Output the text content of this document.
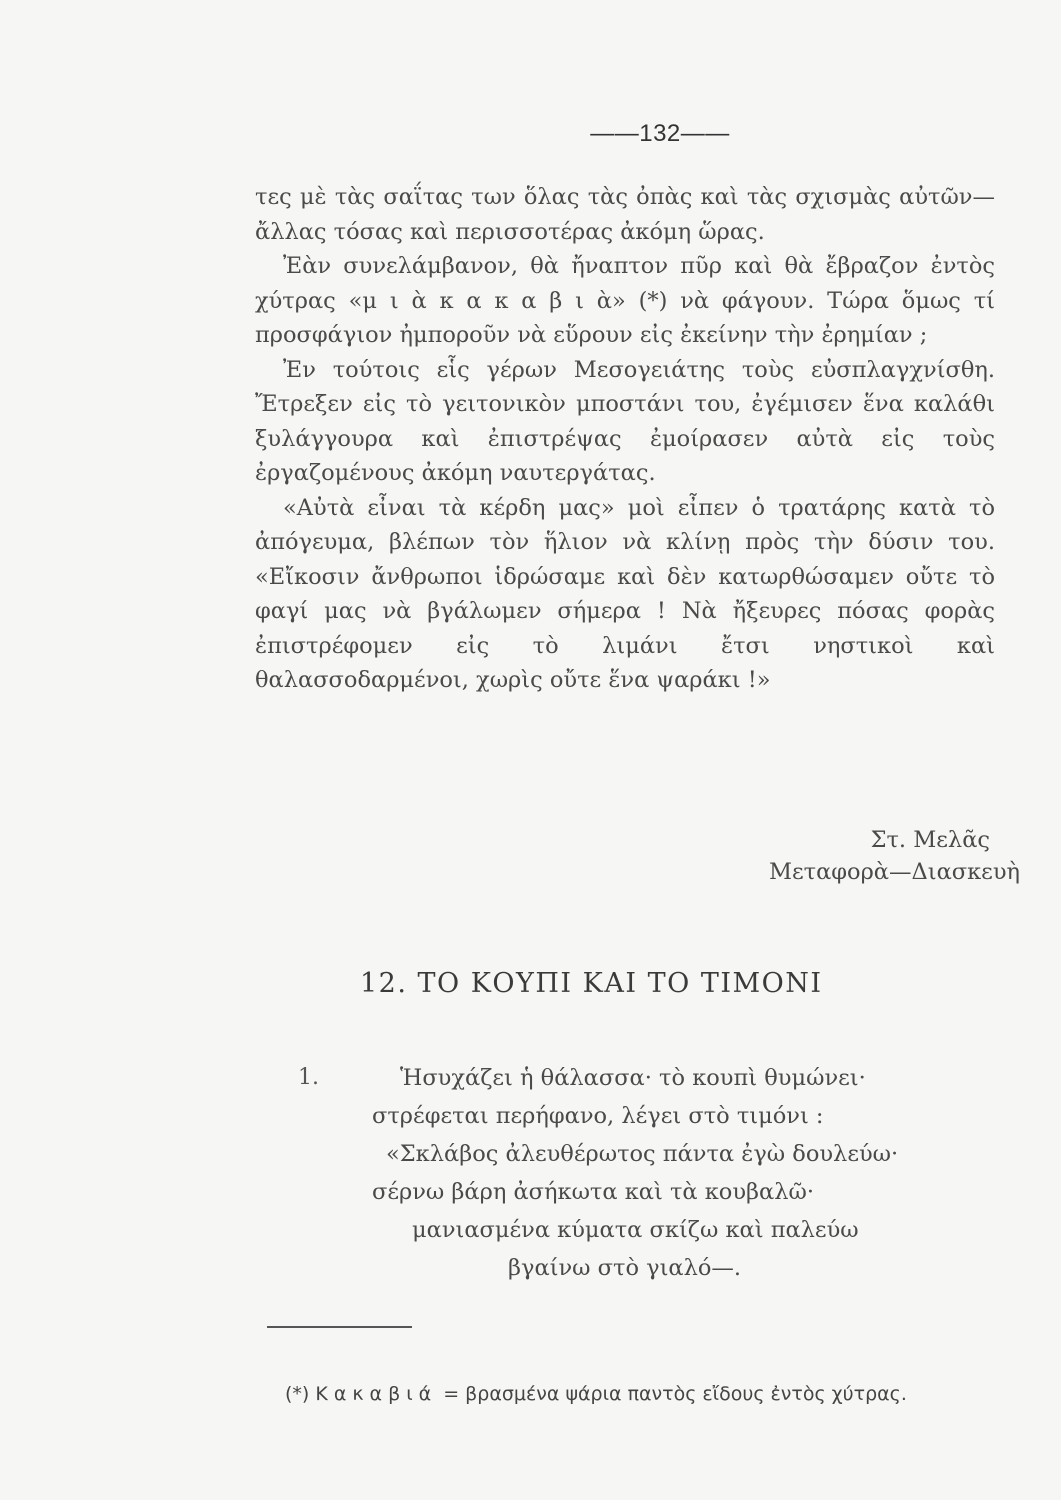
——132——

τες μὲ τὰς σαΐτας των ὅλας τὰς ὀπὰς καὶ τὰς σχισμὰς αὐτῶν—ἄλλας τόσας καὶ περισσοτέρας ἀκόμη ὥρας.

Ἐὰν συνελάμβανον, θὰ ἤναπτον πῦρ καὶ θὰ ἔβραζον ἐντὸς χύτρας «μ ι ὰ κ α κ α β ι ὰ» (*) νὰ φάγουν. Τώρα ὅμως τί προσφάγιον ἠμποροῦν νὰ εὕρουν εἰς ἐκείνην τὴν ἐρημίαν ;

Ἐν τούτοις εἷς γέρων Μεσογειάτης τοὺς εὐσπλαγχνίσθη. Ἔτρεξεν εἰς τὸ γειτονικὸν μποστάνι του, ἐγέμισεν ἕνα καλάθι ξυλάγγουρα καὶ ἐπιστρέψας ἐμοίρασεν αὐτὰ εἰς τοὺς ἐργαζομένους ἀκόμη ναυτεργάτας.

«Αὐτὰ εἶναι τὰ κέρδη μας» μοὶ εἶπεν ὁ τρατάρης κατὰ τὸ ἀπόγευμα, βλέπων τὸν ἥλιον νὰ κλίνῃ πρὸς τὴν δύσιν του. «Εἴκοσιν ἄνθρωποι ἱδρώσαμε καὶ δὲν κατωρθώσαμεν οὔτε τὸ φαγί μας νὰ βγάλωμεν σήμερα ! Νὰ ἤξευρες πόσας φορὰς ἐπιστρέφομεν εἰς τὸ λιμάνι ἔτσι νηστικοὶ καὶ θαλασσοδαρμένοι, χωρὶς οὔτε ἕνα ψαράκι !»

Στ. Μελᾶς
Μεταφορὰ—Διασκευὴ
12. ΤΟ ΚΟΥΠΙ ΚΑΙ ΤΟ ΤΙΜΟΝΙ
1.	Ἡσυχάζει ἡ θάλασσα· τὸ κουπὶ θυμώνει·
στρέφεται περήφανο, λέγει στὸ τιμόνι :
«Σκλάβος ἀλευθέρωτος πάντα ἐγὼ δουλεύω·
σέρνω βάρη ἀσήκωτα καὶ τὰ κουβαλῶ·
μανιασμένα κύματα σκίζω καὶ παλεύω
βγαίνω στὸ γιαλό—.
(*) Κακαβιά = βρασμένα ψάρια παντὸς εἴδους ἐντὸς χύτρας.
